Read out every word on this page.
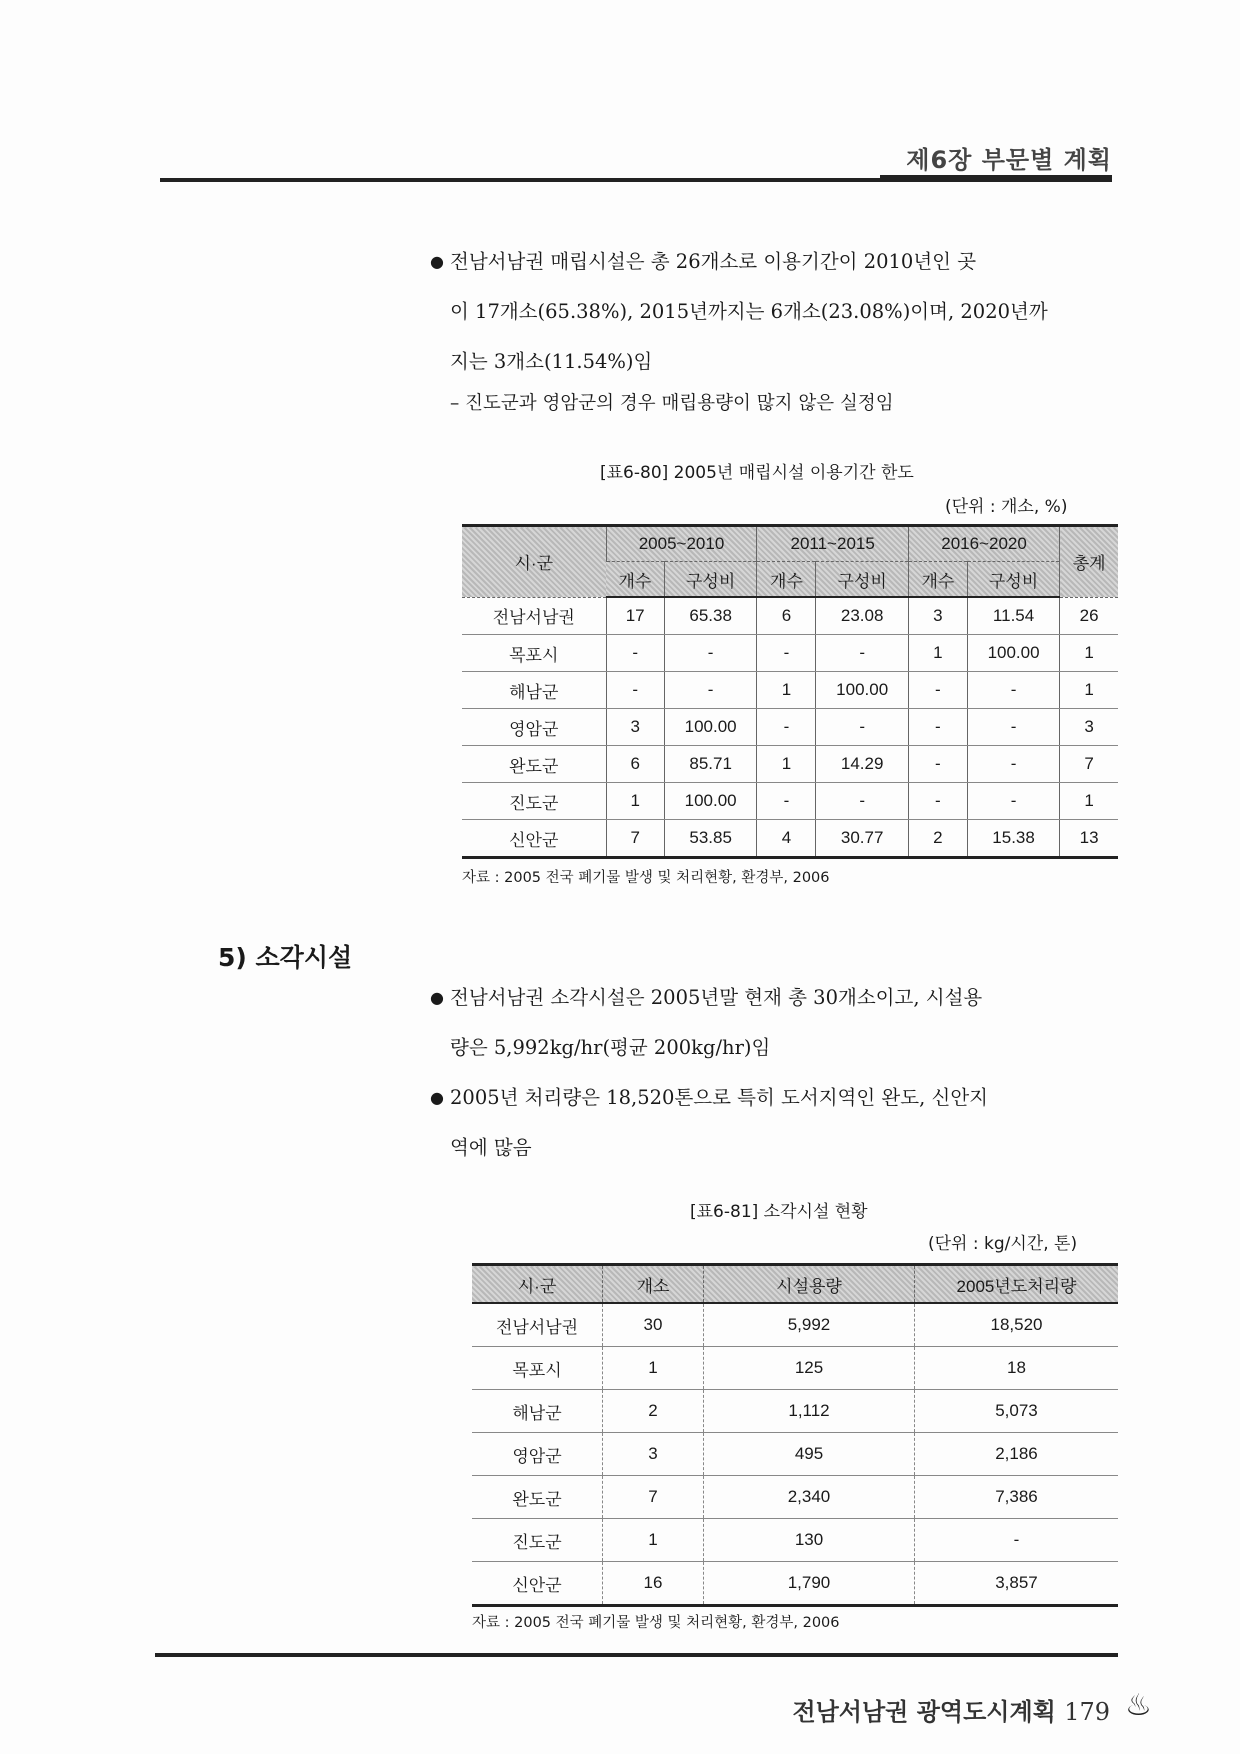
제6장 부문별 계획
● 전남서남권 매립시설은 총 26개소로 이용기간이 2010년인 곳
이 17개소(65.38%), 2015년까지는 6개소(23.08%)이며, 2020년까
지는 3개소(11.54%)임
– 진도군과 영암군의 경우 매립용량이 많지 않은 실정임
[표6-80] 2005년 매립시설 이용기간 한도
(단위 : 개소, %)
시·군	2005~2010		2011~2015		2016~2020		총계
	개수	구성비	개수	구성비	개수	구성비	
전남서남권	17	65.38	6	23.08	3	11.54	26
목포시	-	-	-	-	1	100.00	1
해남군	-	-	1	100.00	-	-	1
영암군	3	100.00	-	-	-	-	3
완도군	6	85.71	1	14.29	-	-	7
진도군	1	100.00	-	-	-	-	1
신안군	7	53.85	4	30.77	2	15.38	13
자료 : 2005 전국 폐기물 발생 및 처리현황, 환경부, 2006
5) 소각시설
● 전남서남권 소각시설은 2005년말 현재 총 30개소이고, 시설용
량은 5,992kg/hr(평균 200kg/hr)임
● 2005년 처리량은 18,520톤으로 특히 도서지역인 완도, 신안지
역에 많음
[표6-81] 소각시설 현황
(단위 : kg/시간, 톤)
시·군	개소	시설용량	2005년도처리량
전남서남권	30	5,992	18,520
목포시	1	125	18
해남군	2	1,112	5,073
영암군	3	495	2,186
완도군	7	2,340	7,386
진도군	1	130	-
신안군	16	1,790	3,857
자료 : 2005 전국 폐기물 발생 및 처리현황, 환경부, 2006
전남서남권 광역도시계획 179 ♨
